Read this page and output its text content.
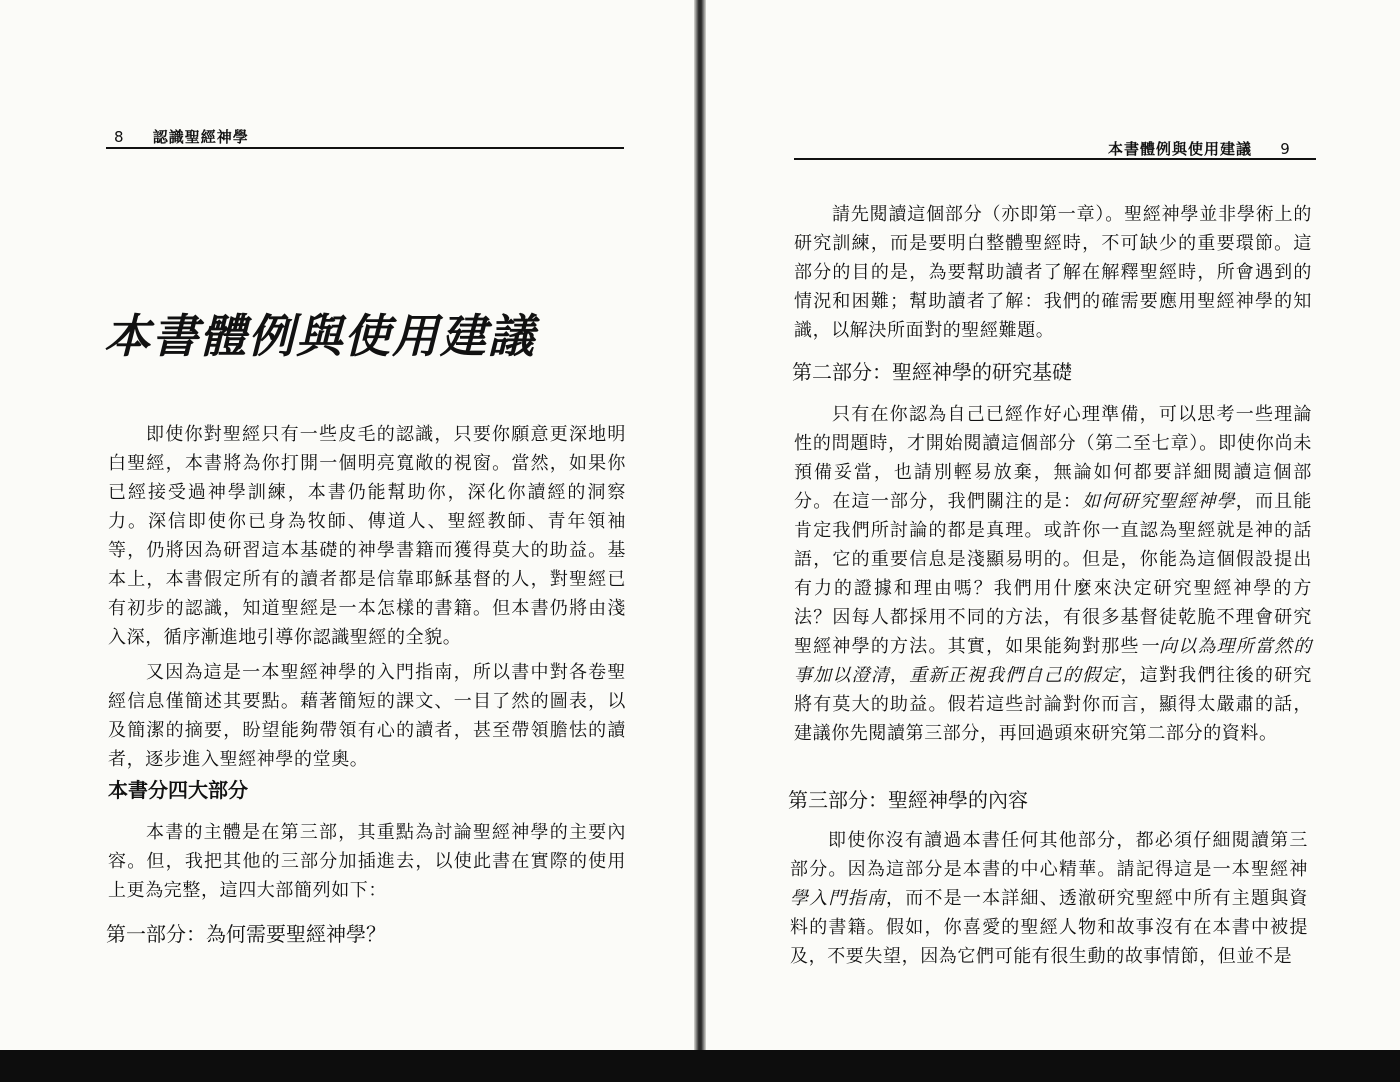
8 認識聖經神學
本書體例與使用建議

即使你對聖經只有一些皮毛的認識，只要你願意更深地明白聖經，本書將為你打開一個明亮寬敞的視窗。當然，如果你已經接受過神學訓練，本書仍能幫助你，深化你讀經的洞察力。深信即使你已身為牧師、傳道人、聖經教師、青年領袖等，仍將因為研習這本基礎的神學書籍而獲得莫大的助益。基本上，本書假定所有的讀者都是信靠耶穌基督的人，對聖經已有初步的認識，知道聖經是一本怎樣的書籍。但本書仍將由淺入深，循序漸進地引導你認識聖經的全貌。

又因為這是一本聖經神學的入門指南，所以書中對各卷聖經信息僅簡述其要點。藉著簡短的課文、一目了然的圖表，以及簡潔的摘要，盼望能夠帶領有心的讀者，甚至帶領膽怯的讀者，逐步進入聖經神學的堂奧。

本書分四大部分

本書的主體是在第三部，其重點為討論聖經神學的主要內容。但，我把其他的三部分加插進去，以使此書在實際的使用上更為完整，這四大部簡列如下：

第一部分：為何需要聖經神學？
本書體例與使用建議 9

請先閱讀這個部分（亦即第一章）。聖經神學並非學術上的研究訓練，而是要明白整體聖經時，不可缺少的重要環節。這部分的目的是，為要幫助讀者了解在解釋聖經時，所會遇到的情況和困難；幫助讀者了解：我們的確需要應用聖經神學的知識，以解決所面對的聖經難題。

第二部分：聖經神學的研究基礎

只有在你認為自己已經作好心理準備，可以思考一些理論性的問題時，才開始閱讀這個部分（第二至七章）。即使你尚未預備妥當，也請別輕易放棄，無論如何都要詳細閱讀這個部分。在這一部分，我們關注的是：如何研究聖經神學，而且能肯定我們所討論的都是真理。或許你一直認為聖經就是神的話語，它的重要信息是淺顯易明的。但是，你能為這個假設提出有力的證據和理由嗎？我們用什麼來決定研究聖經神學的方法？因每人都採用不同的方法，有很多基督徒乾脆不理會研究聖經神學的方法。其實，如果能夠對那些一向以為理所當然的事加以澄清，重新正視我們自己的假定，這對我們往後的研究將有莫大的助益。假若這些討論對你而言，顯得太嚴肅的話，建議你先閱讀第三部分，再回過頭來研究第二部分的資料。

第三部分：聖經神學的內容

即使你沒有讀過本書任何其他部分，都必須仔細閱讀第三部分。因為這部分是本書的中心精華。請記得這是一本聖經神學入門指南，而不是一本詳細、透澈研究聖經中所有主題與資料的書籍。假如，你喜愛的聖經人物和故事沒有在本書中被提及，不要失望，因為它們可能有很生動的故事情節，但並不是
